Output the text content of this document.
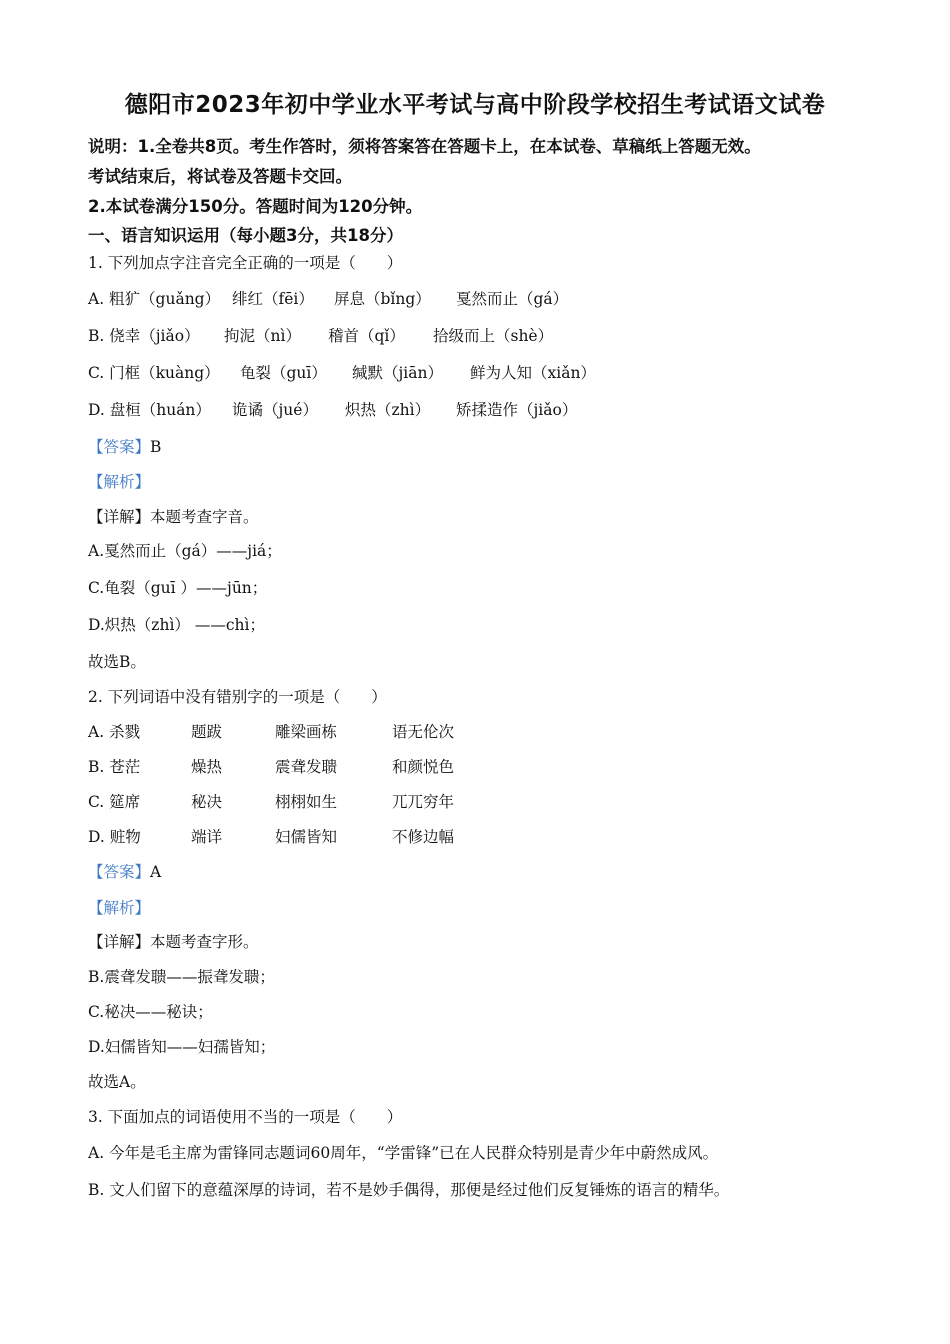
德阳市2023年初中学业水平考试与高中阶段学校招生考试语文试卷
说明：1.全卷共8页。考生作答时，须将答案答在答题卡上，在本试卷、草稿纸上答题无效。
考试结束后，将试卷及答题卡交回。
2.本试卷满分150分。答题时间为120分钟。
一、语言知识运用（每小题3分，共18分）
1. 下列加点字注音完全正确的一项是（　　）
A. 粗犷（guǎng） 绯红（fēi） 屏息（bǐng） 戛然而止（gá）
B. 侥幸（jiǎo） 拘泥（nì） 稽首（qǐ） 拾级而上（shè）
C. 门框（kuàng） 龟裂（guī） 缄默（jiān） 鲜为人知（xiǎn）
D. 盘桓（huán） 诡谲（jué） 炽热（zhì） 矫揉造作（jiǎo）
【答案】B
【解析】
【详解】本题考查字音。
A.戛然而止（gá）——jiá；
C.龟裂（guī ）——jūn；
D.炽热（zhì） ——chì；
故选B。
2. 下列词语中没有错别字的一项是（　　）
A. 杀戮	题跋	雕梁画栋	语无伦次
B. 苍茫	燥热	震聋发聩	和颜悦色
C. 筵席	秘决	栩栩如生	兀兀穷年
D. 赃物	端详	妇儒皆知	不修边幅
【答案】A
【解析】
【详解】本题考查字形。
B.震聋发聩——振聋发聩；
C.秘决——秘诀；
D.妇儒皆知——妇孺皆知；
故选A。
3. 下面加点的词语使用不当的一项是（　　）
A. 今年是毛主席为雷锋同志题词60周年，“学雷锋”已在人民群众特别是青少年中蔚然成风。
B. 文人们留下的意蕴深厚的诗词，若不是妙手偶得，那便是经过他们反复锤炼的语言的精华。
